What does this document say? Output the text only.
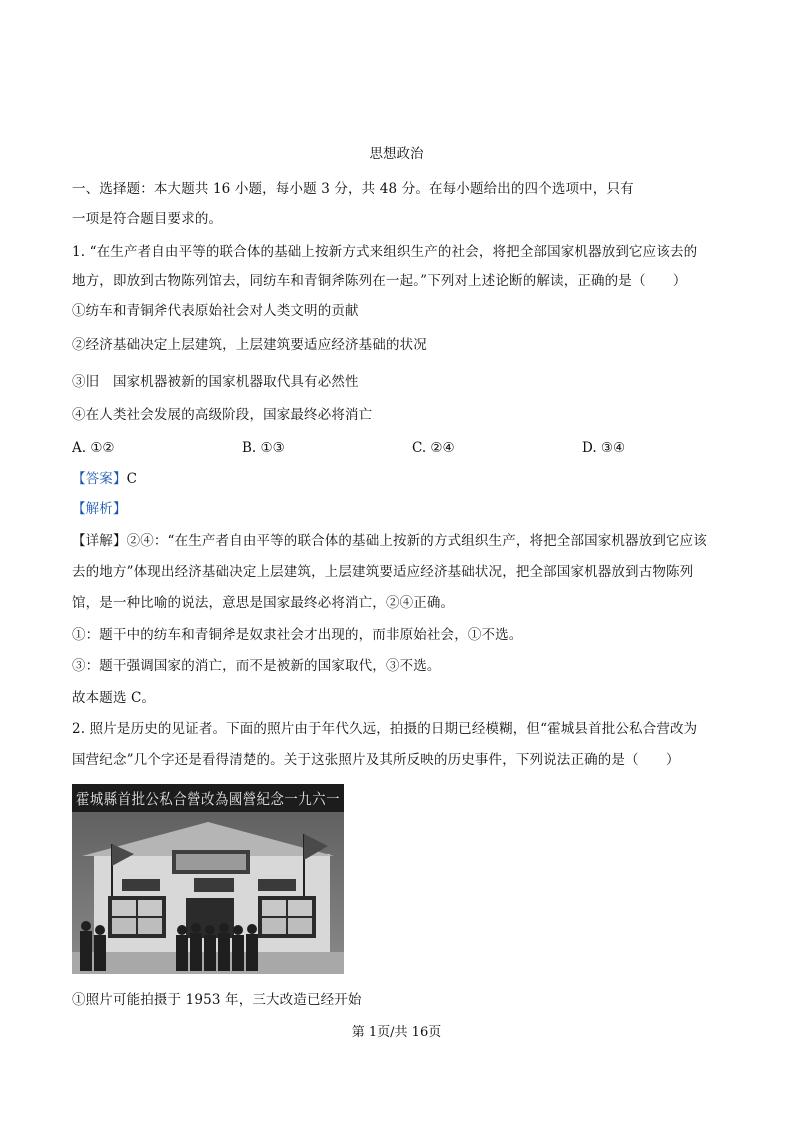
思想政治
一、选择题：本大题共 16 小题，每小题 3 分，共 48 分。在每小题给出的四个选项中，只有
一项是符合题目要求的。
1. “在生产者自由平等的联合体的基础上按新方式来组织生产的社会，将把全部国家机器放到它应该去的
地方，即放到古物陈列馆去，同纺车和青铜斧陈列在一起。”下列对上述论断的解读，正确的是（　　）
①纺车和青铜斧代表原始社会对人类文明的贡献
②经济基础决定上层建筑，上层建筑要适应经济基础的状况
③旧　国家机器被新的国家机器取代具有必然性
④在人类社会发展的高级阶段，国家最终必将消亡
A. ①②	B. ①③	C. ②④	D. ③④
【答案】C
【解析】
【详解】②④：“在生产者自由平等的联合体的基础上按新的方式组织生产，将把全部国家机器放到它应该
去的地方”体现出经济基础决定上层建筑，上层建筑要适应经济基础状况，把全部国家机器放到古物陈列
馆，是一种比喻的说法，意思是国家最终必将消亡，②④正确。
①：题干中的纺车和青铜斧是奴隶社会才出现的，而非原始社会，①不选。
③：题干强调国家的消亡，而不是被新的国家取代，③不选。
故本题选 C。
2. 照片是历史的见证者。下面的照片由于年代久远，拍摄的日期已经模糊，但“霍城县首批公私合营改为
国营纪念”几个字还是看得清楚的。关于这张照片及其所反映的历史事件，下列说法正确的是（　　）
霍城縣首批公私合營改為國營紀念一九六一
①照片可能拍摄于 1953 年，三大改造已经开始
第 1页/共 16页
